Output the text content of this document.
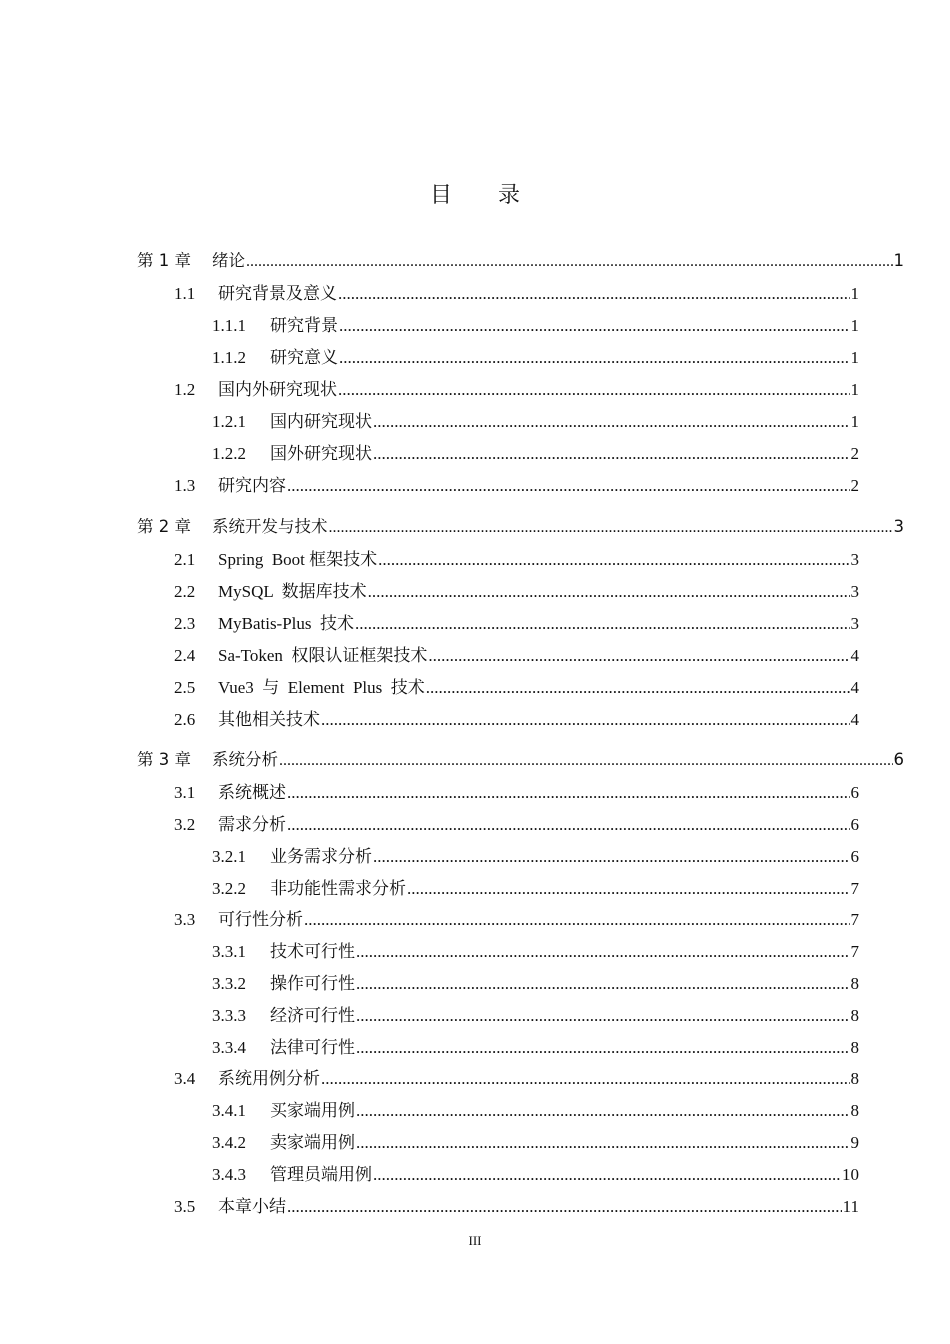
目 录
第 1 章	绪论 .....	1
1.1	研究背景及意义 .....	1
1.1.1	研究背景 .....	1
1.1.2	研究意义 .....	1
1.2	国内外研究现状 .....	1
1.2.1	国内研究现状 .....	1
1.2.2	国外研究现状 .....	2
1.3	研究内容 .....	2
第 2 章	系统开发与技术 .....	3
2.1	Spring  Boot 框架技术 .....	3
2.2	MySQL  数据库技术 .....	3
2.3	MyBatis-Plus  技术 .....	3
2.4	Sa-Token  权限认证框架技术 .....	4
2.5	Vue3  与  Element  Plus  技术 .....	4
2.6	其他相关技术 .....	4
第 3 章	系统分析 .....	6
3.1	系统概述 .....	6
3.2	需求分析 .....	6
3.2.1	业务需求分析 .....	6
3.2.2	非功能性需求分析 .....	7
3.3	可行性分析 .....	7
3.3.1	技术可行性 .....	7
3.3.2	操作可行性 .....	8
3.3.3	经济可行性 .....	8
3.3.4	法律可行性 .....	8
3.4	系统用例分析 .....	8
3.4.1	买家端用例 .....	8
3.4.2	卖家端用例 .....	9
3.4.3	管理员端用例 .....	10
3.5	本章小结 .....	11
III
